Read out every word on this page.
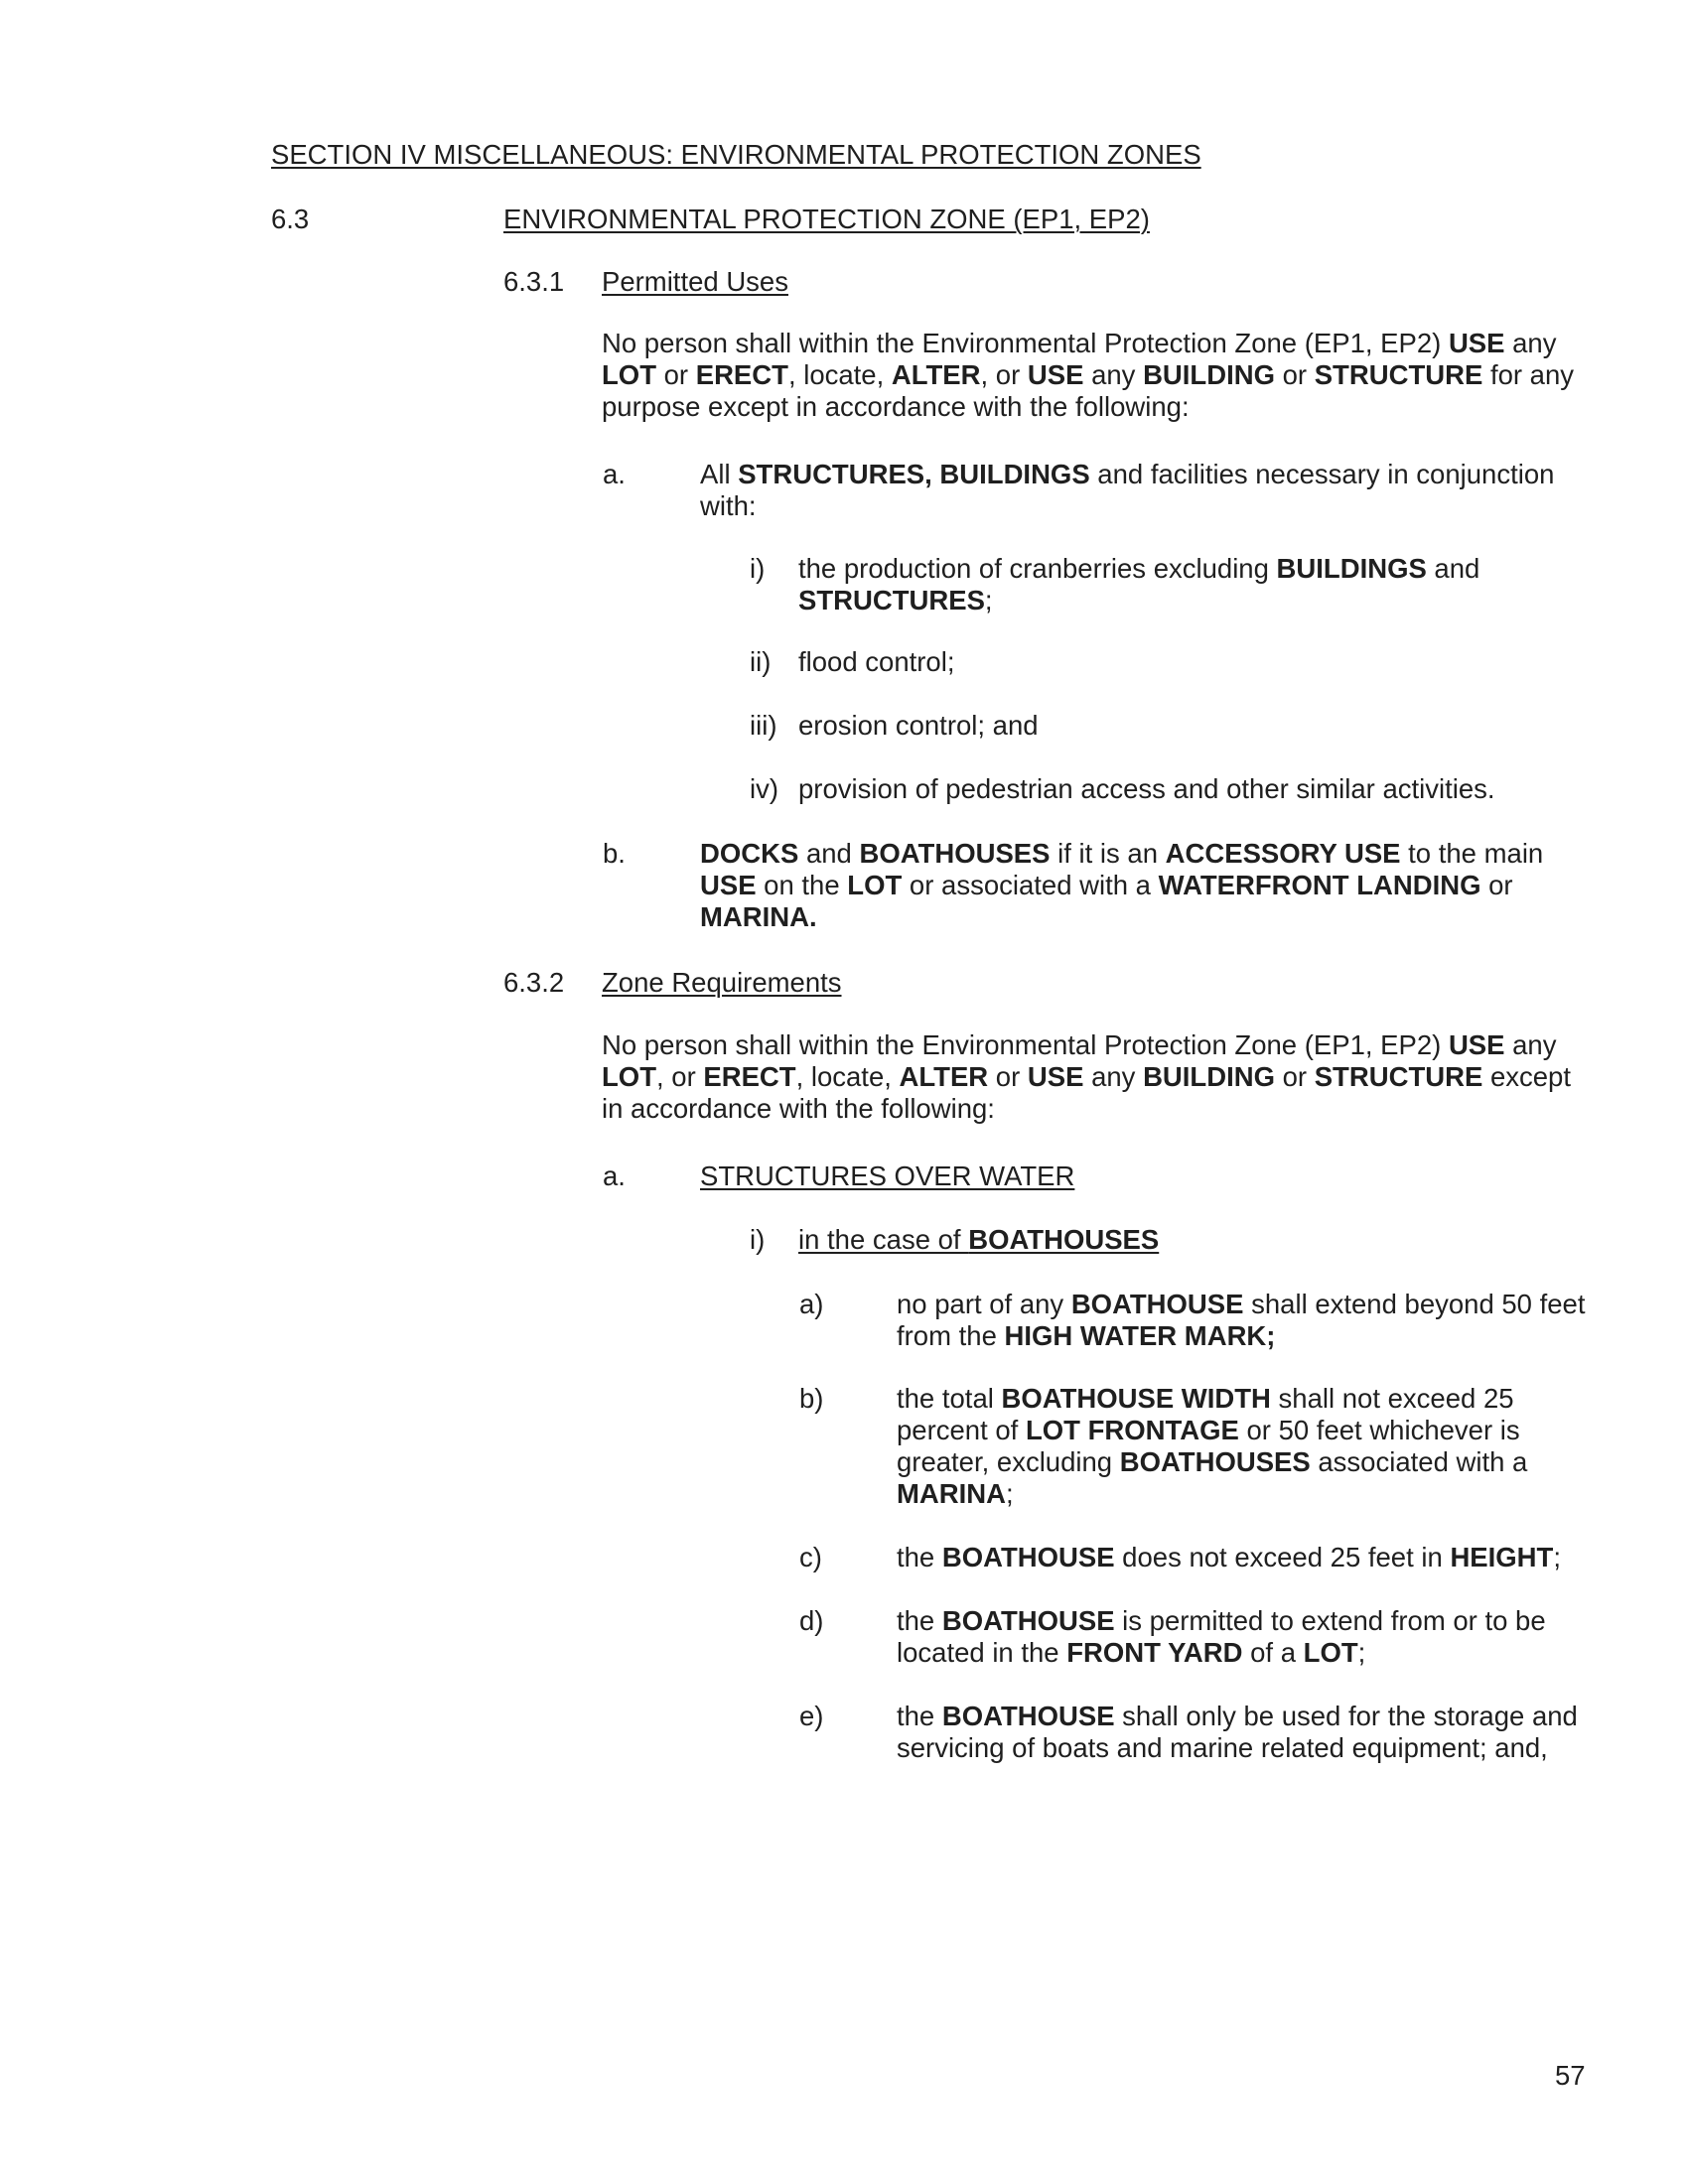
SECTION IV MISCELLANEOUS: ENVIRONMENTAL PROTECTION ZONES
6.3	ENVIRONMENTAL PROTECTION ZONE (EP1, EP2)
6.3.1 Permitted Uses
No person shall within the Environmental Protection Zone (EP1, EP2) USE any LOT or ERECT, locate, ALTER, or USE any BUILDING or STRUCTURE for any purpose except in accordance with the following:
a.	All STRUCTURES, BUILDINGS and facilities necessary in conjunction with:
i) the production of cranberries excluding BUILDINGS and STRUCTURES;
ii) flood control;
iii) erosion control; and
iv) provision of pedestrian access and other similar activities.
b.	DOCKS and BOATHOUSES if it is an ACCESSORY USE to the main USE on the LOT or associated with a WATERFRONT LANDING or MARINA.
6.3.2 Zone Requirements
No person shall within the Environmental Protection Zone (EP1, EP2) USE any LOT, or ERECT, locate, ALTER or USE any BUILDING or STRUCTURE except in accordance with the following:
a.	STRUCTURES OVER WATER
i) in the case of BOATHOUSES
a)	no part of any BOATHOUSE shall extend beyond 50 feet from the HIGH WATER MARK;
b)	the total BOATHOUSE WIDTH shall not exceed 25 percent of LOT FRONTAGE or 50 feet whichever is greater, excluding BOATHOUSES associated with a MARINA;
c)	the BOATHOUSE does not exceed 25 feet in HEIGHT;
d)	the BOATHOUSE is permitted to extend from or to be located in the FRONT YARD of a LOT;
e)	the BOATHOUSE shall only be used for the storage and servicing of boats and marine related equipment; and,
57
